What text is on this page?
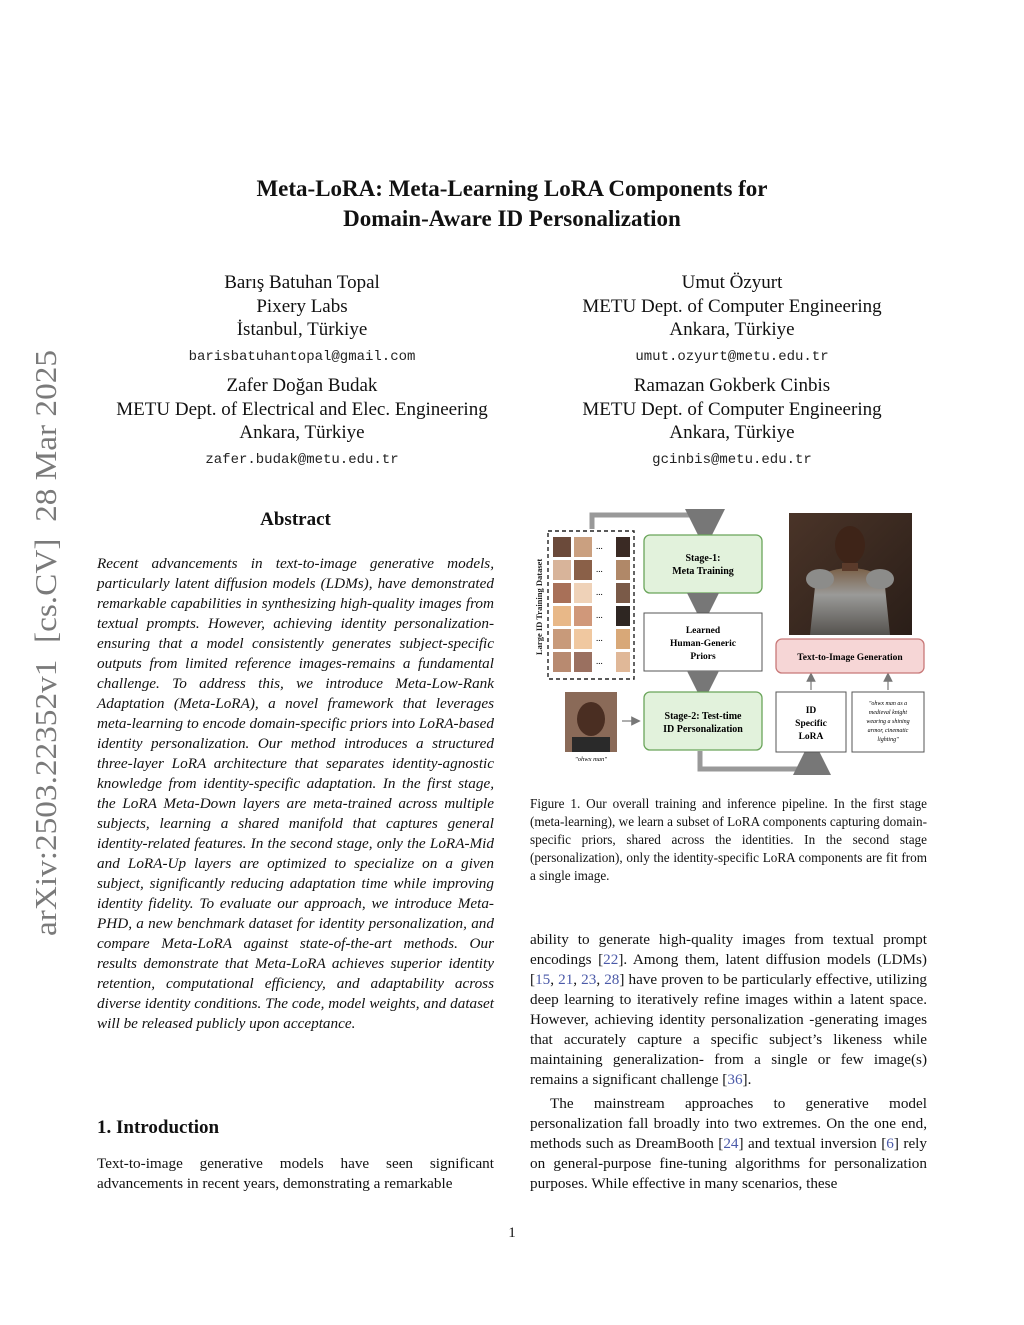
arXiv:2503.22352v1  [cs.CV]  28 Mar 2025
Meta-LoRA: Meta-Learning LoRA Components for
Domain-Aware ID Personalization
Barış Batuhan Topal
Pixery Labs
İstanbul, Türkiye
barisbatuhantopal@gmail.com
Umut Özyurt
METU Dept. of Computer Engineering
Ankara, Türkiye
umut.ozyurt@metu.edu.tr
Zafer Doğan Budak
METU Dept. of Electrical and Elec. Engineering
Ankara, Türkiye
zafer.budak@metu.edu.tr
Ramazan Gokberk Cinbis
METU Dept. of Computer Engineering
Ankara, Türkiye
gcinbis@metu.edu.tr
Abstract
Recent advancements in text-to-image generative models, particularly latent diffusion models (LDMs), have demonstrated remarkable capabilities in synthesizing high-quality images from textual prompts. However, achieving identity personalization-ensuring that a model consistently generates subject-specific outputs from limited reference images-remains a fundamental challenge. To address this, we introduce Meta-Low-Rank Adaptation (Meta-LoRA), a novel framework that leverages meta-learning to encode domain-specific priors into LoRA-based identity personalization. Our method introduces a structured three-layer LoRA architecture that separates identity-agnostic knowledge from identity-specific adaptation. In the first stage, the LoRA Meta-Down layers are meta-trained across multiple subjects, learning a shared manifold that captures general identity-related features. In the second stage, only the LoRA-Mid and LoRA-Up layers are optimized to specialize on a given subject, significantly reducing adaptation time while improving identity fidelity. To evaluate our approach, we introduce Meta-PHD, a new benchmark dataset for identity personalization, and compare Meta-LoRA against state-of-the-art methods. Our results demonstrate that Meta-LoRA achieves superior identity retention, computational efficiency, and adaptability across diverse identity conditions. The code, model weights, and dataset will be released publicly upon acceptance.
1. Introduction
Text-to-image generative models have seen significant advancements in recent years, demonstrating a remarkable
Large ID Training Dataset
...
...
...
...
...
...
Stage-1:
Meta Training
Learned
Human-Generic
Priors
Stage-2: Test-time
ID Personalization
"ohwx man"
ID
Specific
LoRA
"ohwx man as a
medieval knight
wearing a shining
armor, cinematic
lighting"
Text-to-Image Generation
Figure 1. Our overall training and inference pipeline. In the first stage (meta-learning), we learn a subset of LoRA components capturing domain-specific priors, shared across the identities. In the second stage (personalization), only the identity-specific LoRA components are fit from a single image.
ability to generate high-quality images from textual prompt encodings [22]. Among them, latent diffusion models (LDMs) [15, 21, 23, 28] have proven to be particularly effective, utilizing deep learning to iteratively refine images within a latent space. However, achieving identity personalization -generating images that accurately capture a specific subject’s likeness while maintaining generalization- from a single or few image(s) remains a significant challenge [36].
The mainstream approaches to generative model personalization fall broadly into two extremes. On the one end, methods such as DreamBooth [24] and textual inversion [6] rely on general-purpose fine-tuning algorithms for personalization purposes. While effective in many scenarios, these
1
